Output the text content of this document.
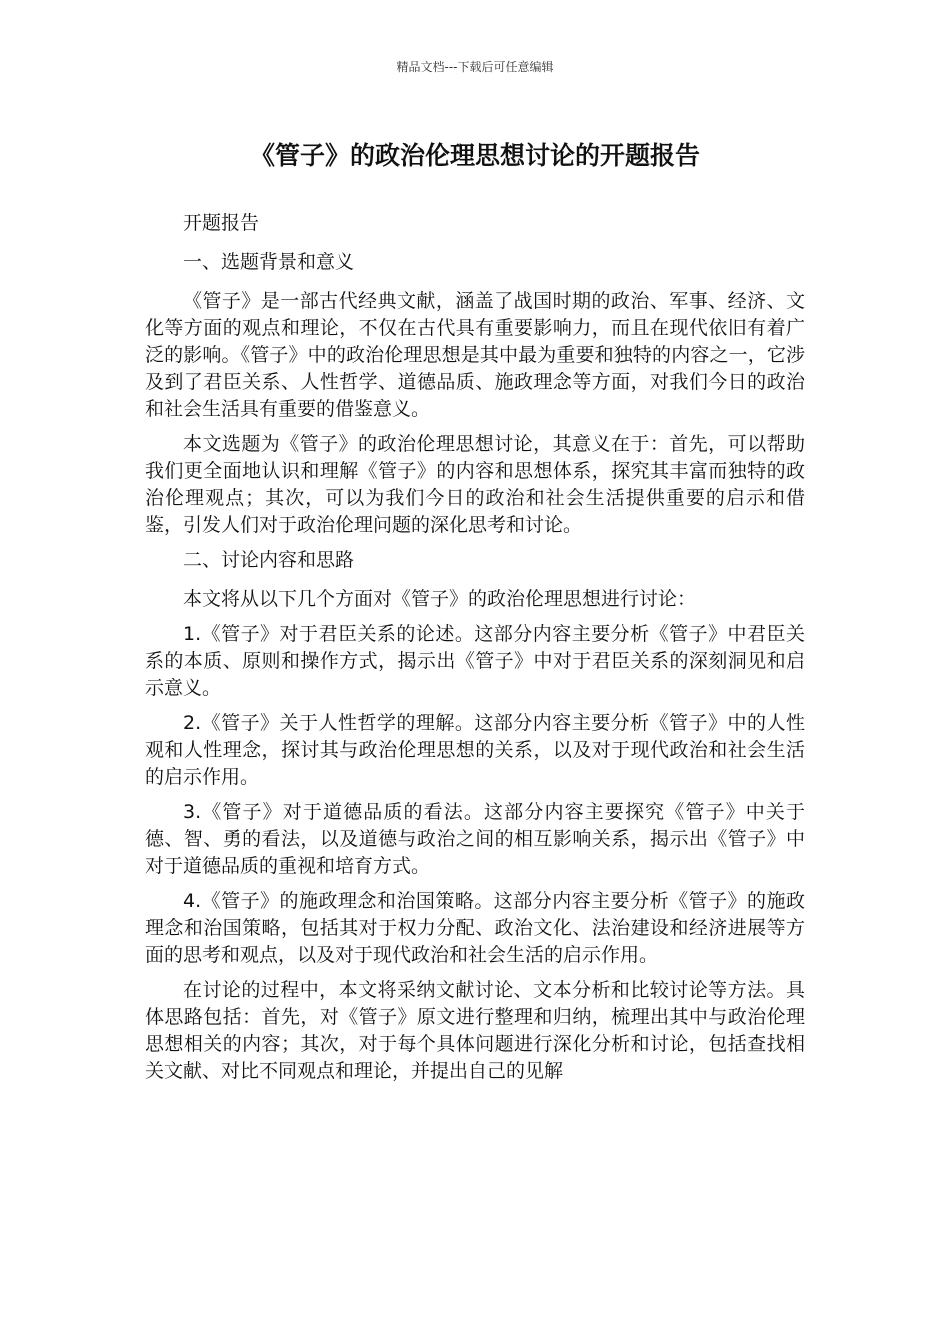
精品文档---下载后可任意编辑
《管子》的政治伦理思想讨论的开题报告

开题报告

一、选题背景和意义

《管子》是一部古代经典文献，涵盖了战国时期的政治、军事、经济、文化等方面的观点和理论，不仅在古代具有重要影响力，而且在现代依旧有着广泛的影响。《管子》中的政治伦理思想是其中最为重要和独特的内容之一，它涉及到了君臣关系、人性哲学、道德品质、施政理念等方面，对我们今日的政治和社会生活具有重要的借鉴意义。

本文选题为《管子》的政治伦理思想讨论，其意义在于：首先，可以帮助我们更全面地认识和理解《管子》的内容和思想体系，探究其丰富而独特的政治伦理观点；其次，可以为我们今日的政治和社会生活提供重要的启示和借鉴，引发人们对于政治伦理问题的深化思考和讨论。

二、讨论内容和思路

本文将从以下几个方面对《管子》的政治伦理思想进行讨论：

1.《管子》对于君臣关系的论述。这部分内容主要分析《管子》中君臣关系的本质、原则和操作方式，揭示出《管子》中对于君臣关系的深刻洞见和启示意义。

2.《管子》关于人性哲学的理解。这部分内容主要分析《管子》中的人性观和人性理念，探讨其与政治伦理思想的关系，以及对于现代政治和社会生活的启示作用。

3.《管子》对于道德品质的看法。这部分内容主要探究《管子》中关于德、智、勇的看法，以及道德与政治之间的相互影响关系，揭示出《管子》中对于道德品质的重视和培育方式。

4.《管子》的施政理念和治国策略。这部分内容主要分析《管子》的施政理念和治国策略，包括其对于权力分配、政治文化、法治建设和经济进展等方面的思考和观点，以及对于现代政治和社会生活的启示作用。

在讨论的过程中，本文将采纳文献讨论、文本分析和比较讨论等方法。具体思路包括：首先，对《管子》原文进行整理和归纳，梳理出其中与政治伦理思想相关的内容；其次，对于每个具体问题进行深化分析和讨论，包括查找相关文献、对比不同观点和理论，并提出自己的见解
